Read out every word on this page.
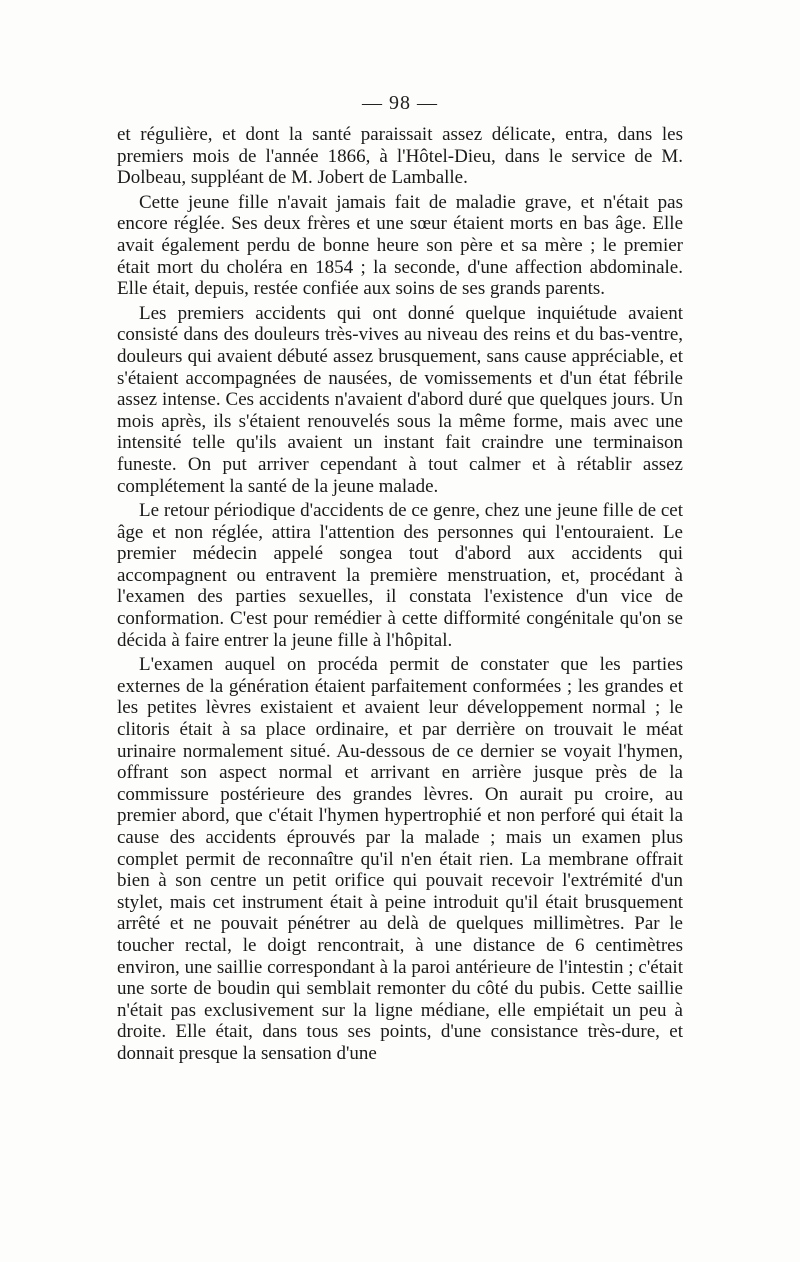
— 98 —

et régulière, et dont la santé paraissait assez délicate, entra, dans les premiers mois de l'année 1866, à l'Hôtel-Dieu, dans le service de M. Dolbeau, suppléant de M. Jobert de Lamballe.

Cette jeune fille n'avait jamais fait de maladie grave, et n'était pas encore réglée. Ses deux frères et une sœur étaient morts en bas âge. Elle avait également perdu de bonne heure son père et sa mère ; le premier était mort du choléra en 1854 ; la seconde, d'une affection abdominale. Elle était, depuis, restée confiée aux soins de ses grands parents.

Les premiers accidents qui ont donné quelque inquiétude avaient consisté dans des douleurs très-vives au niveau des reins et du bas-ventre, douleurs qui avaient débuté assez brusquement, sans cause appréciable, et s'étaient accompagnées de nausées, de vomissements et d'un état fébrile assez intense. Ces accidents n'avaient d'abord duré que quelques jours. Un mois après, ils s'étaient renouvelés sous la même forme, mais avec une intensité telle qu'ils avaient un instant fait craindre une terminaison funeste. On put arriver cependant à tout calmer et à rétablir assez complétement la santé de la jeune malade.

Le retour périodique d'accidents de ce genre, chez une jeune fille de cet âge et non réglée, attira l'attention des personnes qui l'entouraient. Le premier médecin appelé songea tout d'abord aux accidents qui accompagnent ou entravent la première menstruation, et, procédant à l'examen des parties sexuelles, il constata l'existence d'un vice de conformation. C'est pour remédier à cette difformité congénitale qu'on se décida à faire entrer la jeune fille à l'hôpital.

L'examen auquel on procéda permit de constater que les parties externes de la génération étaient parfaitement conformées ; les grandes et les petites lèvres existaient et avaient leur développement normal ; le clitoris était à sa place ordinaire, et par derrière on trouvait le méat urinaire normalement situé. Au-dessous de ce dernier se voyait l'hymen, offrant son aspect normal et arrivant en arrière jusque près de la commissure postérieure des grandes lèvres. On aurait pu croire, au premier abord, que c'était l'hymen hypertrophié et non perforé qui était la cause des accidents éprouvés par la malade ; mais un examen plus complet permit de reconnaître qu'il n'en était rien. La membrane offrait bien à son centre un petit orifice qui pouvait recevoir l'extrémité d'un stylet, mais cet instrument était à peine introduit qu'il était brusquement arrêté et ne pouvait pénétrer au delà de quelques millimètres. Par le toucher rectal, le doigt rencontrait, à une distance de 6 centimètres environ, une saillie correspondant à la paroi antérieure de l'intestin ; c'était une sorte de boudin qui semblait remonter du côté du pubis. Cette saillie n'était pas exclusivement sur la ligne médiane, elle empiétait un peu à droite. Elle était, dans tous ses points, d'une consistance très-dure, et donnait presque la sensation d'une
